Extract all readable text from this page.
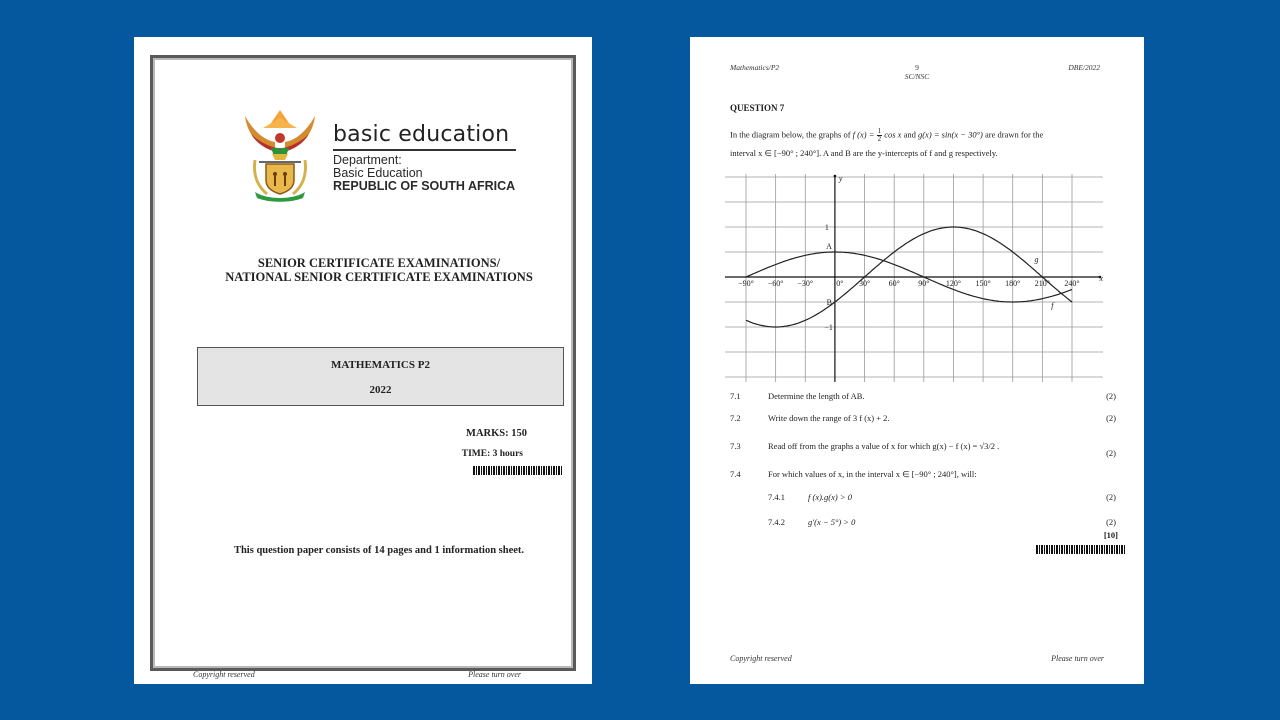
basic education
Department:
Basic Education
REPUBLIC OF SOUTH AFRICA
SENIOR CERTIFICATE EXAMINATIONS/
NATIONAL SENIOR CERTIFICATE EXAMINATIONS
MATHEMATICS P2
2022
MARKS: 150
TIME: 3 hours
This question paper consists of 14 pages and 1 information sheet.
Copyright reserved	Please turn over
Mathematics/P2	9
SC/NSC
DBE/2022
QUESTION 7
In the diagram below, the graphs of f $(x) = \frac{1}{2}$ cos x and g(x) = sin(x − 30°) are drawn for the
interval x ∈ [−90° ; 240°]. A and B are the y-intercepts of f and g respectively.
−90° −60° −30°	0° 30° 60° 90° 120° 150° 180° 210° 240°
x
y
1
−1
A
B
g
f
7.1	Determine the length of AB.	(2)
7.2	Write down the range of 3 f (x) + 2.	(2)
7.3	Read off from the graphs a value of x for which g(x) − f (x) = √3/2 .
(2)
7.4	For which values of x, in the interval x ∈ [−90° ; 240°], will:
7.4.1	f (x).g(x) > 0	(2)
7.4.2	g′(x − 5°) > 0	(2)
[10]
Copyright reserved	Please turn over
